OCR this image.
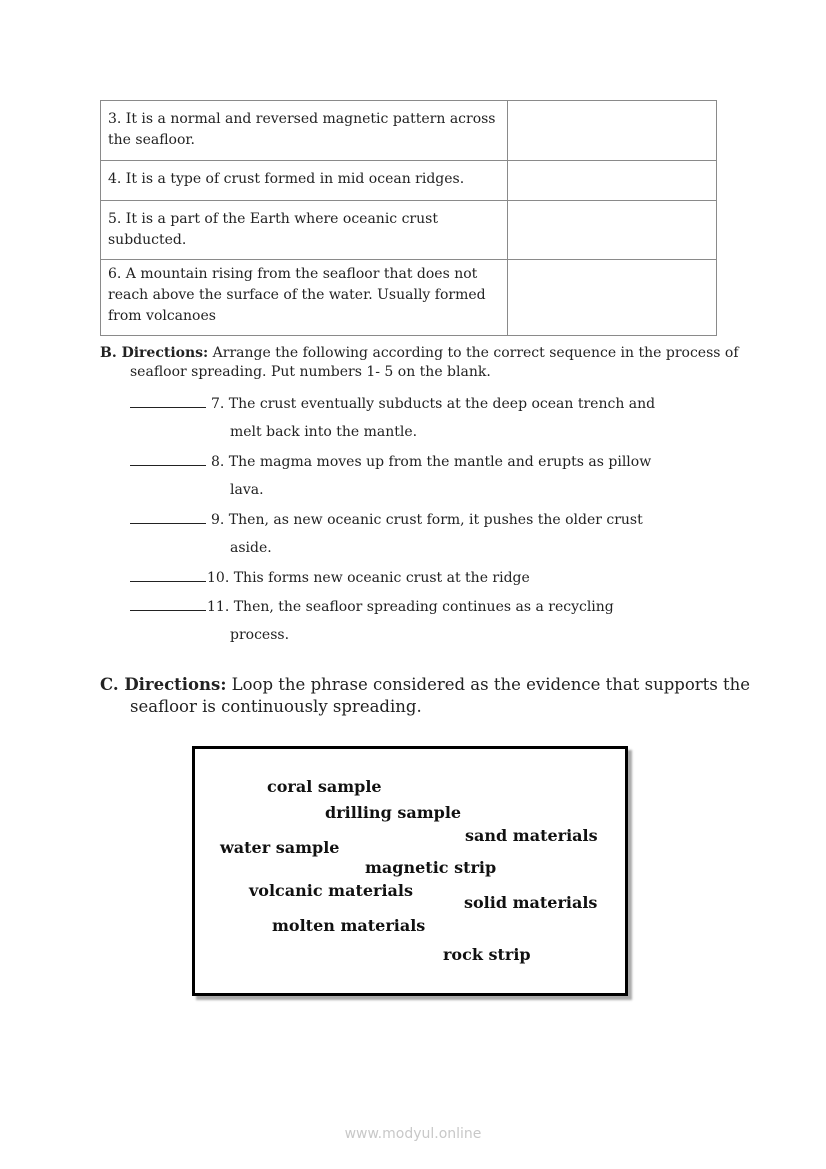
3. It is a normal and reversed magnetic pattern across the seafloor.	
4. It is a type of crust formed in mid ocean ridges.	
5. It is a part of the Earth where oceanic crust subducted.	
6. A mountain rising from the seafloor that does not reach above the surface of the water. Usually formed from volcanoes	
B. Directions: Arrange the following according to the correct sequence in the process of seafloor spreading. Put numbers 1- 5 on the blank.
7. The crust eventually subducts at the deep ocean trench and
melt back into the mantle.
8. The magma moves up from the mantle and erupts as pillow
lava.
9. Then, as new oceanic crust form, it pushes the older crust
aside.
10. This forms new oceanic crust at the ridge
11. Then, the seafloor spreading continues as a recycling
process.
C. Directions: Loop the phrase considered as the evidence that supports the seafloor is continuously spreading.
coral sample
drilling sample
sand materials
water sample
magnetic strip
volcanic materials
solid materials
molten materials
rock strip
www.modyul.online
